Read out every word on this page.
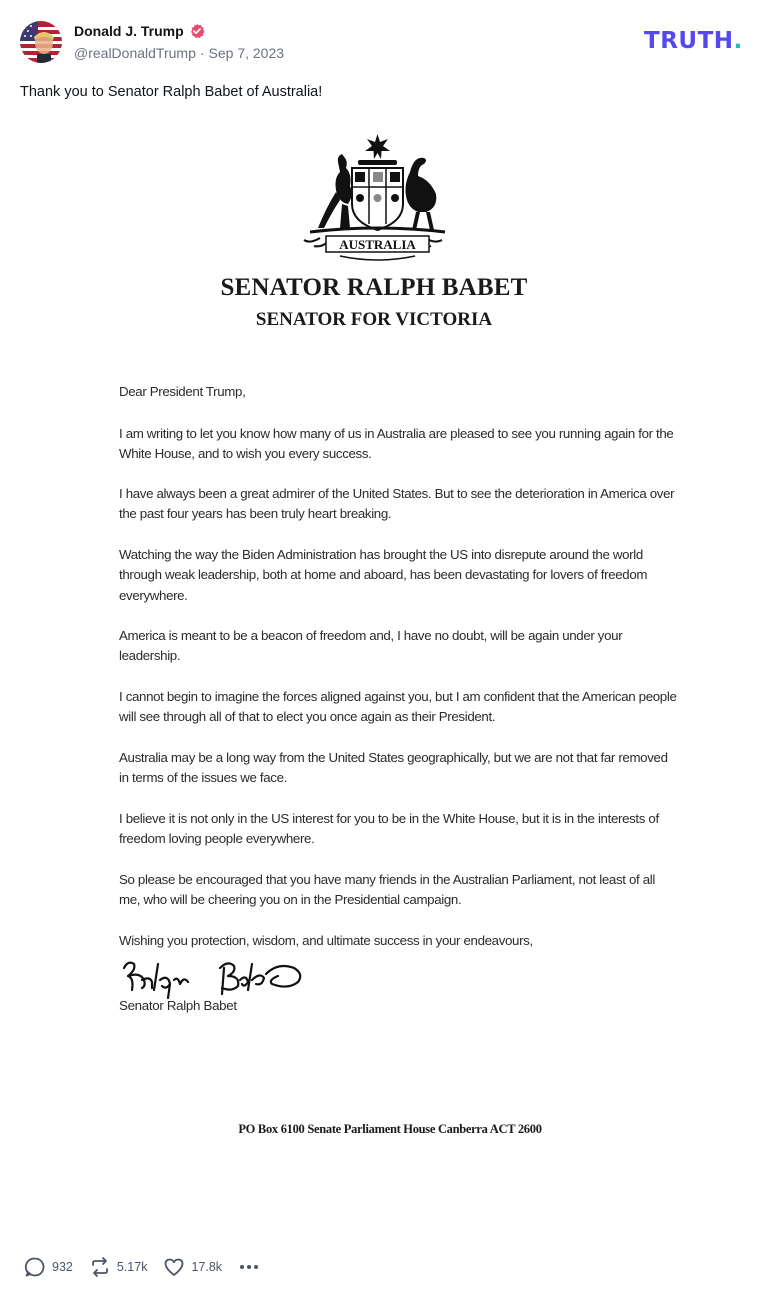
Donald J. Trump
@realDonaldTrump · Sep 7, 2023	TRUTH.
Thank you to Senator Ralph Babet of Australia!
AUSTRALIA
SENATOR RALPH BABET
SENATOR FOR VICTORIA
Dear President Trump,
I am writing to let you know how many of us in Australia are pleased to see you running again for the White House, and to wish you every success.
I have always been a great admirer of the United States. But to see the deterioration in America over the past four years has been truly heart breaking.
Watching the way the Biden Administration has brought the US into disrepute around the world through weak leadership, both at home and aboard, has been devastating for lovers of freedom everywhere.
America is meant to be a beacon of freedom and, I have no doubt, will be again under your leadership.
I cannot begin to imagine the forces aligned against you, but I am confident that the American people will see through all of that to elect you once again as their President.
Australia may be a long way from the United States geographically, but we are not that far removed in terms of the issues we face.
I believe it is not only in the US interest for you to be in the White House, but it is in the interests of freedom loving people everywhere.
So please be encouraged that you have many friends in the Australian Parliament, not least of all me, who will be cheering you on in the Presidential campaign.
Wishing you protection, wisdom, and ultimate success in your endeavours,
Senator Ralph Babet
PO Box 6100 Senate Parliament House Canberra ACT 2600
932	5.17k	17.8k
